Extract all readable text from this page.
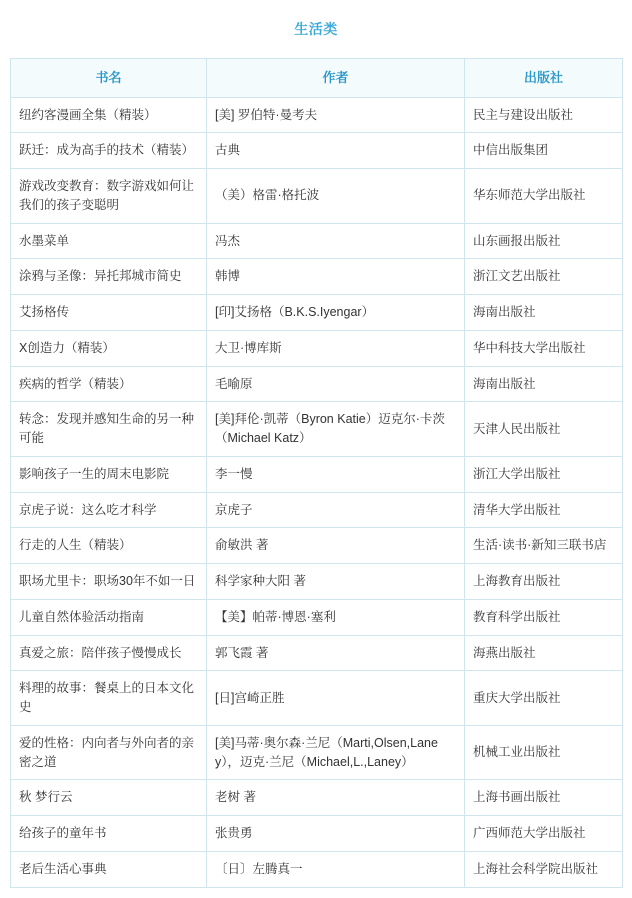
生活类
书名	作者	出版社
纽约客漫画全集（精装）	[美] 罗伯特·曼考夫	民主与建设出版社
跃迁：成为高手的技术（精装）	古典	中信出版集团
游戏改变教育：数字游戏如何让我们的孩子变聪明	（美）格雷·格托波	华东师范大学出版社
水墨菜单	冯杰	山东画报出版社
涂鸦与圣像：异托邦城市简史	韩博	浙江文艺出版社
艾扬格传	[印]艾扬格（B.K.S.Iyengar）	海南出版社
X创造力（精装）	大卫·博库斯	华中科技大学出版社
疾病的哲学（精装）	毛喻原	海南出版社
转念：发现并感知生命的另一种可能	[美]拜伦·凯蒂（Byron Katie）迈克尔·卡茨（Michael Katz）	天津人民出版社
影响孩子一生的周末电影院	李一慢	浙江大学出版社
京虎子说：这么吃才科学	京虎子	清华大学出版社
行走的人生（精装）	俞敏洪 著	生活·读书·新知三联书店
职场尤里卡：职场30年不如一日	科学家种大阳 著	上海教育出版社
儿童自然体验活动指南	【美】帕蒂·博恩·塞利	教育科学出版社
真爱之旅：陪伴孩子慢慢成长	郭飞霞 著	海燕出版社
料理的故事：餐桌上的日本文化史	[日]宫崎正胜	重庆大学出版社
爱的性格：内向者与外向者的亲密之道	[美]马蒂·奥尔森·兰尼（Marti,Olsen,Laney），迈克·兰尼（Michael,L.,Laney）	机械工业出版社
秋 梦行云	老树 著	上海书画出版社
给孩子的童年书	张贵勇	广西师范大学出版社
老后生活心事典	〔日〕左腾真一	上海社会科学院出版社
